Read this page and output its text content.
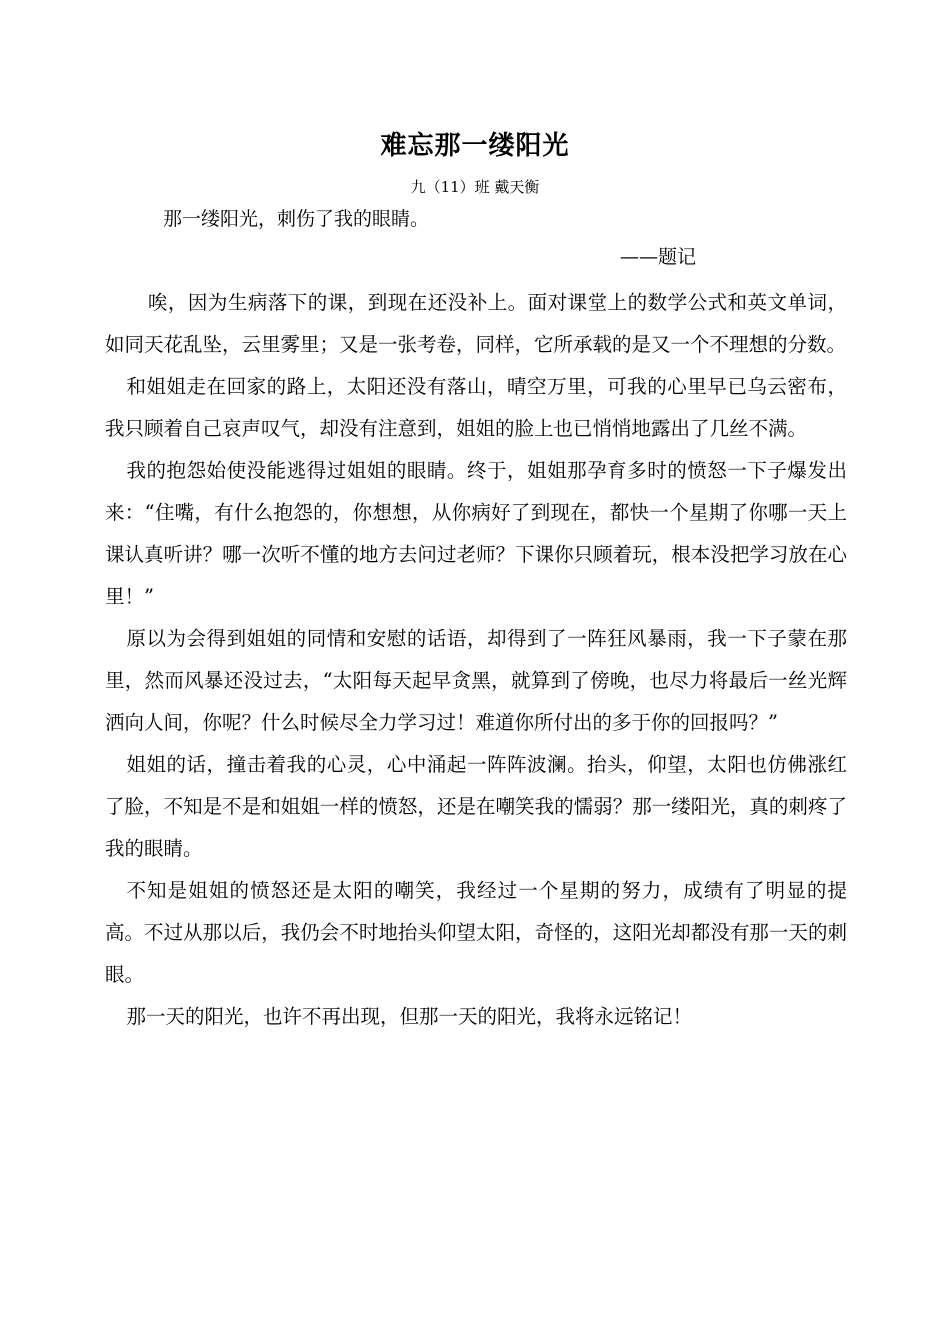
难忘那一缕阳光
九（11）班 戴天衡
那一缕阳光，刺伤了我的眼睛。
——题记

唉，因为生病落下的课，到现在还没补上。面对课堂上的数学公式和英文单词，如同天花乱坠，云里雾里；又是一张考卷，同样，它所承载的是又一个不理想的分数。

和姐姐走在回家的路上，太阳还没有落山，晴空万里，可我的心里早已乌云密布，我只顾着自己哀声叹气，却没有注意到，姐姐的脸上也已悄悄地露出了几丝不满。

我的抱怨始使没能逃得过姐姐的眼睛。终于，姐姐那孕育多时的愤怒一下子爆发出来：“住嘴，有什么抱怨的，你想想，从你病好了到现在，都快一个星期了你哪一天上课认真听讲？哪一次听不懂的地方去问过老师？下课你只顾着玩，根本没把学习放在心里！”

原以为会得到姐姐的同情和安慰的话语，却得到了一阵狂风暴雨，我一下子蒙在那里，然而风暴还没过去，“太阳每天起早贪黑，就算到了傍晚，也尽力将最后一丝光辉洒向人间，你呢？什么时候尽全力学习过！难道你所付出的多于你的回报吗？”

姐姐的话，撞击着我的心灵，心中涌起一阵阵波澜。抬头，仰望，太阳也仿佛涨红了脸，不知是不是和姐姐一样的愤怒，还是在嘲笑我的懦弱？那一缕阳光，真的刺疼了我的眼睛。

不知是姐姐的愤怒还是太阳的嘲笑，我经过一个星期的努力，成绩有了明显的提高。不过从那以后，我仍会不时地抬头仰望太阳，奇怪的，这阳光却都没有那一天的刺眼。

那一天的阳光，也许不再出现，但那一天的阳光，我将永远铭记！
